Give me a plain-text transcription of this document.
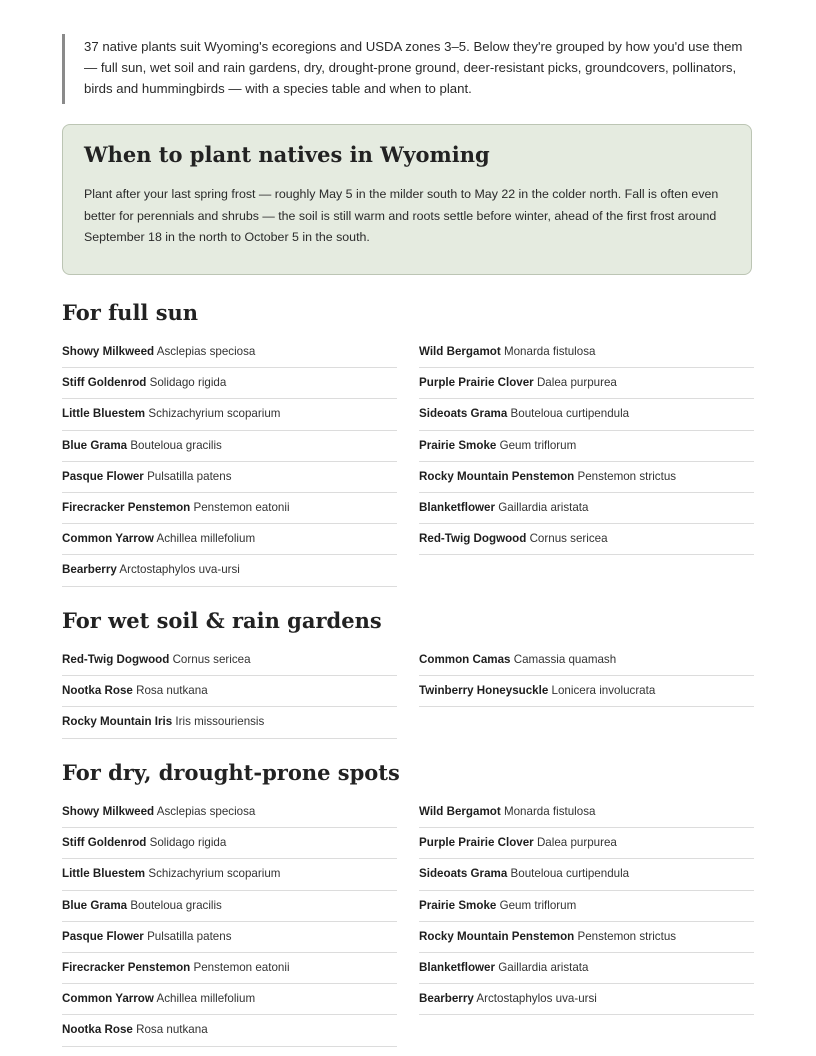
37 native plants suit Wyoming's ecoregions and USDA zones 3–5. Below they're grouped by how you'd use them — full sun, wet soil and rain gardens, dry, drought-prone ground, deer-resistant picks, groundcovers, pollinators, birds and hummingbirds — with a species table and when to plant.
When to plant natives in Wyoming

Plant after your last spring frost — roughly May 5 in the milder south to May 22 in the colder north. Fall is often even better for perennials and shrubs — the soil is still warm and roots settle before winter, ahead of the first frost around September 18 in the north to October 5 in the south.

For full sun
Showy Milkweed Asclepias speciosa	Wild Bergamot Monarda fistulosa
Stiff Goldenrod Solidago rigida	Purple Prairie Clover Dalea purpurea
Little Bluestem Schizachyrium scoparium	Sideoats Grama Bouteloua curtipendula
Blue Grama Bouteloua gracilis	Prairie Smoke Geum triflorum
Pasque Flower Pulsatilla patens	Rocky Mountain Penstemon Penstemon strictus
Firecracker Penstemon Penstemon eatonii	Blanketflower Gaillardia aristata
Common Yarrow Achillea millefolium	Red-Twig Dogwood Cornus sericea
Bearberry Arctostaphylos uva-ursi
For wet soil & rain gardens
Red-Twig Dogwood Cornus sericea	Common Camas Camassia quamash
Nootka Rose Rosa nutkana	Twinberry Honeysuckle Lonicera involucrata
Rocky Mountain Iris Iris missouriensis
For dry, drought-prone spots
Showy Milkweed Asclepias speciosa	Wild Bergamot Monarda fistulosa
Stiff Goldenrod Solidago rigida	Purple Prairie Clover Dalea purpurea
Little Bluestem Schizachyrium scoparium	Sideoats Grama Bouteloua curtipendula
Blue Grama Bouteloua gracilis	Prairie Smoke Geum triflorum
Pasque Flower Pulsatilla patens	Rocky Mountain Penstemon Penstemon strictus
Firecracker Penstemon Penstemon eatonii	Blanketflower Gaillardia aristata
Common Yarrow Achillea millefolium	Bearberry Arctostaphylos uva-ursi
Nootka Rose Rosa nutkana
